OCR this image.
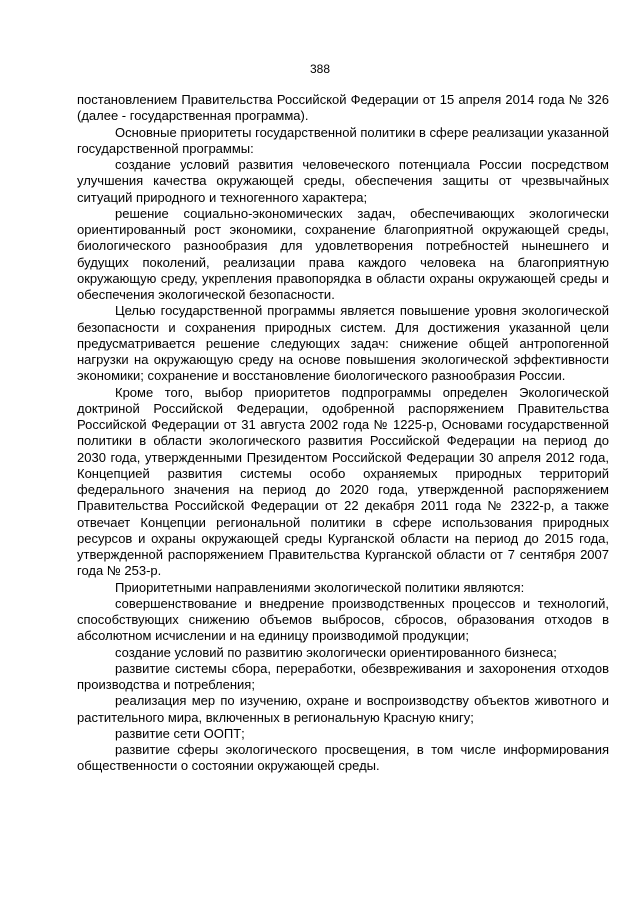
388

постановлением Правительства Российской Федерации от 15 апреля 2014 года № 326 (далее - государственная программа).

Основные приоритеты государственной политики в сфере реализации указанной государственной программы:

создание условий развития человеческого потенциала России посредством улучшения качества окружающей среды, обеспечения защиты от чрезвычайных ситуаций природного и техногенного характера;

решение социально-экономических задач, обеспечивающих экологически ориентированный рост экономики, сохранение благоприятной окружающей среды, биологического разнообразия для удовлетворения потребностей нынешнего и будущих поколений, реализации права каждого человека на благоприятную окружающую среду, укрепления правопорядка в области охраны окружающей среды и обеспечения экологической безопасности.

Целью государственной программы является повышение уровня экологической безопасности и сохранения природных систем. Для достижения указанной цели предусматривается решение следующих задач: снижение общей антропогенной нагрузки на окружающую среду на основе повышения экологической эффективности экономики; сохранение и восстановление биологического разнообразия России.

Кроме того, выбор приоритетов подпрограммы определен Экологической доктриной Российской Федерации, одобренной распоряжением Правительства Российской Федерации от 31 августа 2002 года № 1225-р, Основами государственной политики в области экологического развития Российской Федерации на период до 2030 года, утвержденными Президентом Российской Федерации 30 апреля 2012 года, Концепцией развития системы особо охраняемых природных территорий федерального значения на период до 2020 года, утвержденной распоряжением Правительства Российской Федерации от 22 декабря 2011 года № 2322-р, а также отвечает Концепции региональной политики в сфере использования природных ресурсов и охраны окружающей среды Курганской области на период до 2015 года, утвержденной распоряжением Правительства Курганской области от 7 сентября 2007 года № 253-р.

Приоритетными направлениями экологической политики являются:

совершенствование и внедрение производственных процессов и технологий, способствующих снижению объемов выбросов, сбросов, образования отходов в абсолютном исчислении и на единицу производимой продукции;

создание условий по развитию экологически ориентированного бизнеса;

развитие системы сбора, переработки, обезвреживания и захоронения отходов производства и потребления;

реализация мер по изучению, охране и воспроизводству объектов животного и растительного мира, включенных в региональную Красную книгу;

развитие сети ООПТ;

развитие сферы экологического просвещения, в том числе информирования общественности о состоянии окружающей среды.
